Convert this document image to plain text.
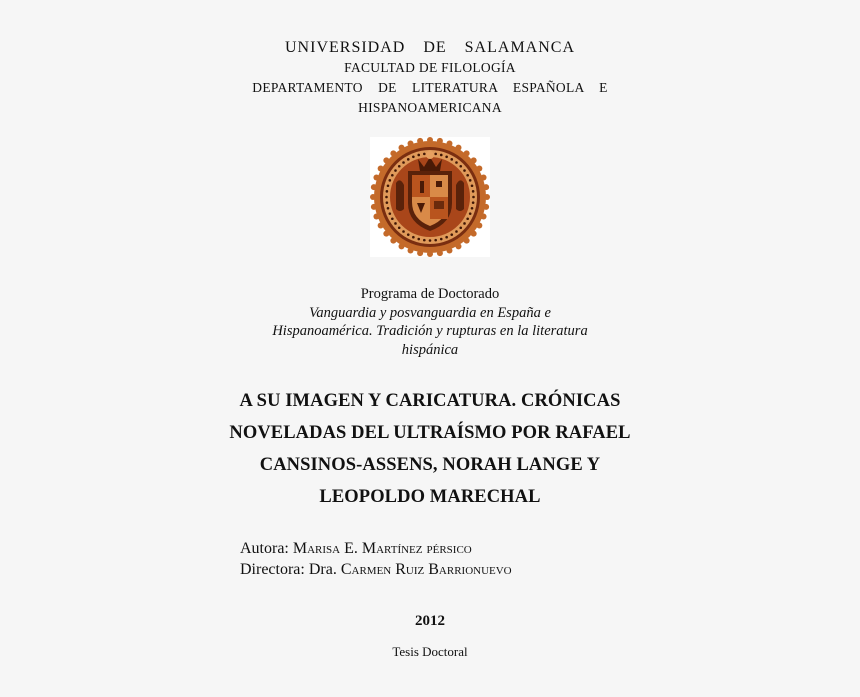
UNIVERSIDAD  DE  SALAMANCA
FACULTAD DE FILOLOGÍA
DEPARTAMENTO  DE  LITERATURA  ESPAÑOLA  E
HISPANOAMERICANA
Programa de Doctorado
Vanguardia y posvanguardia en España e
Hispanoamérica. Tradición y rupturas en la literatura
hispánica
A SU IMAGEN Y CARICATURA. CRÓNICAS
NOVELADAS DEL ULTRAÍSMO POR RAFAEL
CANSINOS-ASSENS, NORAH LANGE Y
LEOPOLDO MARECHAL
Autora: Marisa E. Martínez pérsico
Directora: Dra. Carmen Ruiz Barrionuevo
2012
Tesis Doctoral
